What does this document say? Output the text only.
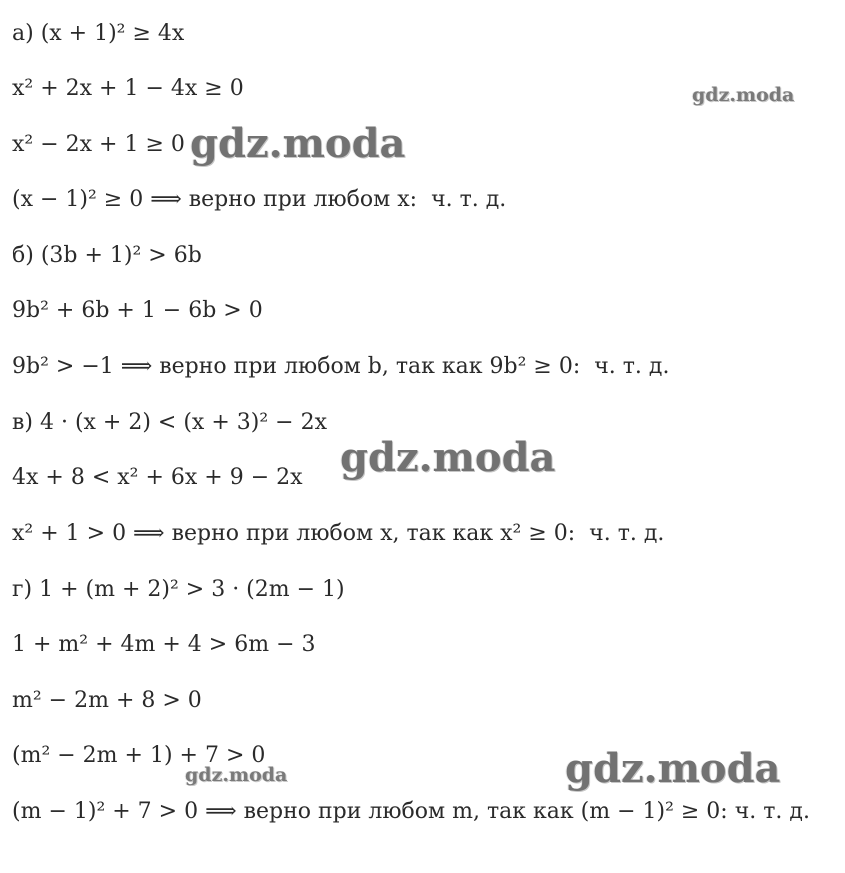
а) (x + 1)² ≥ 4x
x² + 2x + 1 − 4x ≥ 0
x² − 2x + 1 ≥ 0
(x − 1)² ≥ 0 ⟹ верно при любом x:  ч. т. д.
б) (3b + 1)² > 6b
9b² + 6b + 1 − 6b > 0
9b² > −1 ⟹ верно при любом b, так как 9b² ≥ 0:  ч. т. д.
в) 4 · (x + 2) < (x + 3)² − 2x
4x + 8 < x² + 6x + 9 − 2x
x² + 1 > 0 ⟹ верно при любом x, так как x² ≥ 0:  ч. т. д.
г) 1 + (m + 2)² > 3 · (2m − 1)
1 + m² + 4m + 4 > 6m − 3
m² − 2m + 8 > 0
(m² − 2m + 1) + 7 > 0
(m − 1)² + 7 > 0 ⟹ верно при любом m, так как (m − 1)² ≥ 0: ч. т. д.
gdz.moda
gdz.moda
gdz.moda
gdz.moda
gdz.moda
